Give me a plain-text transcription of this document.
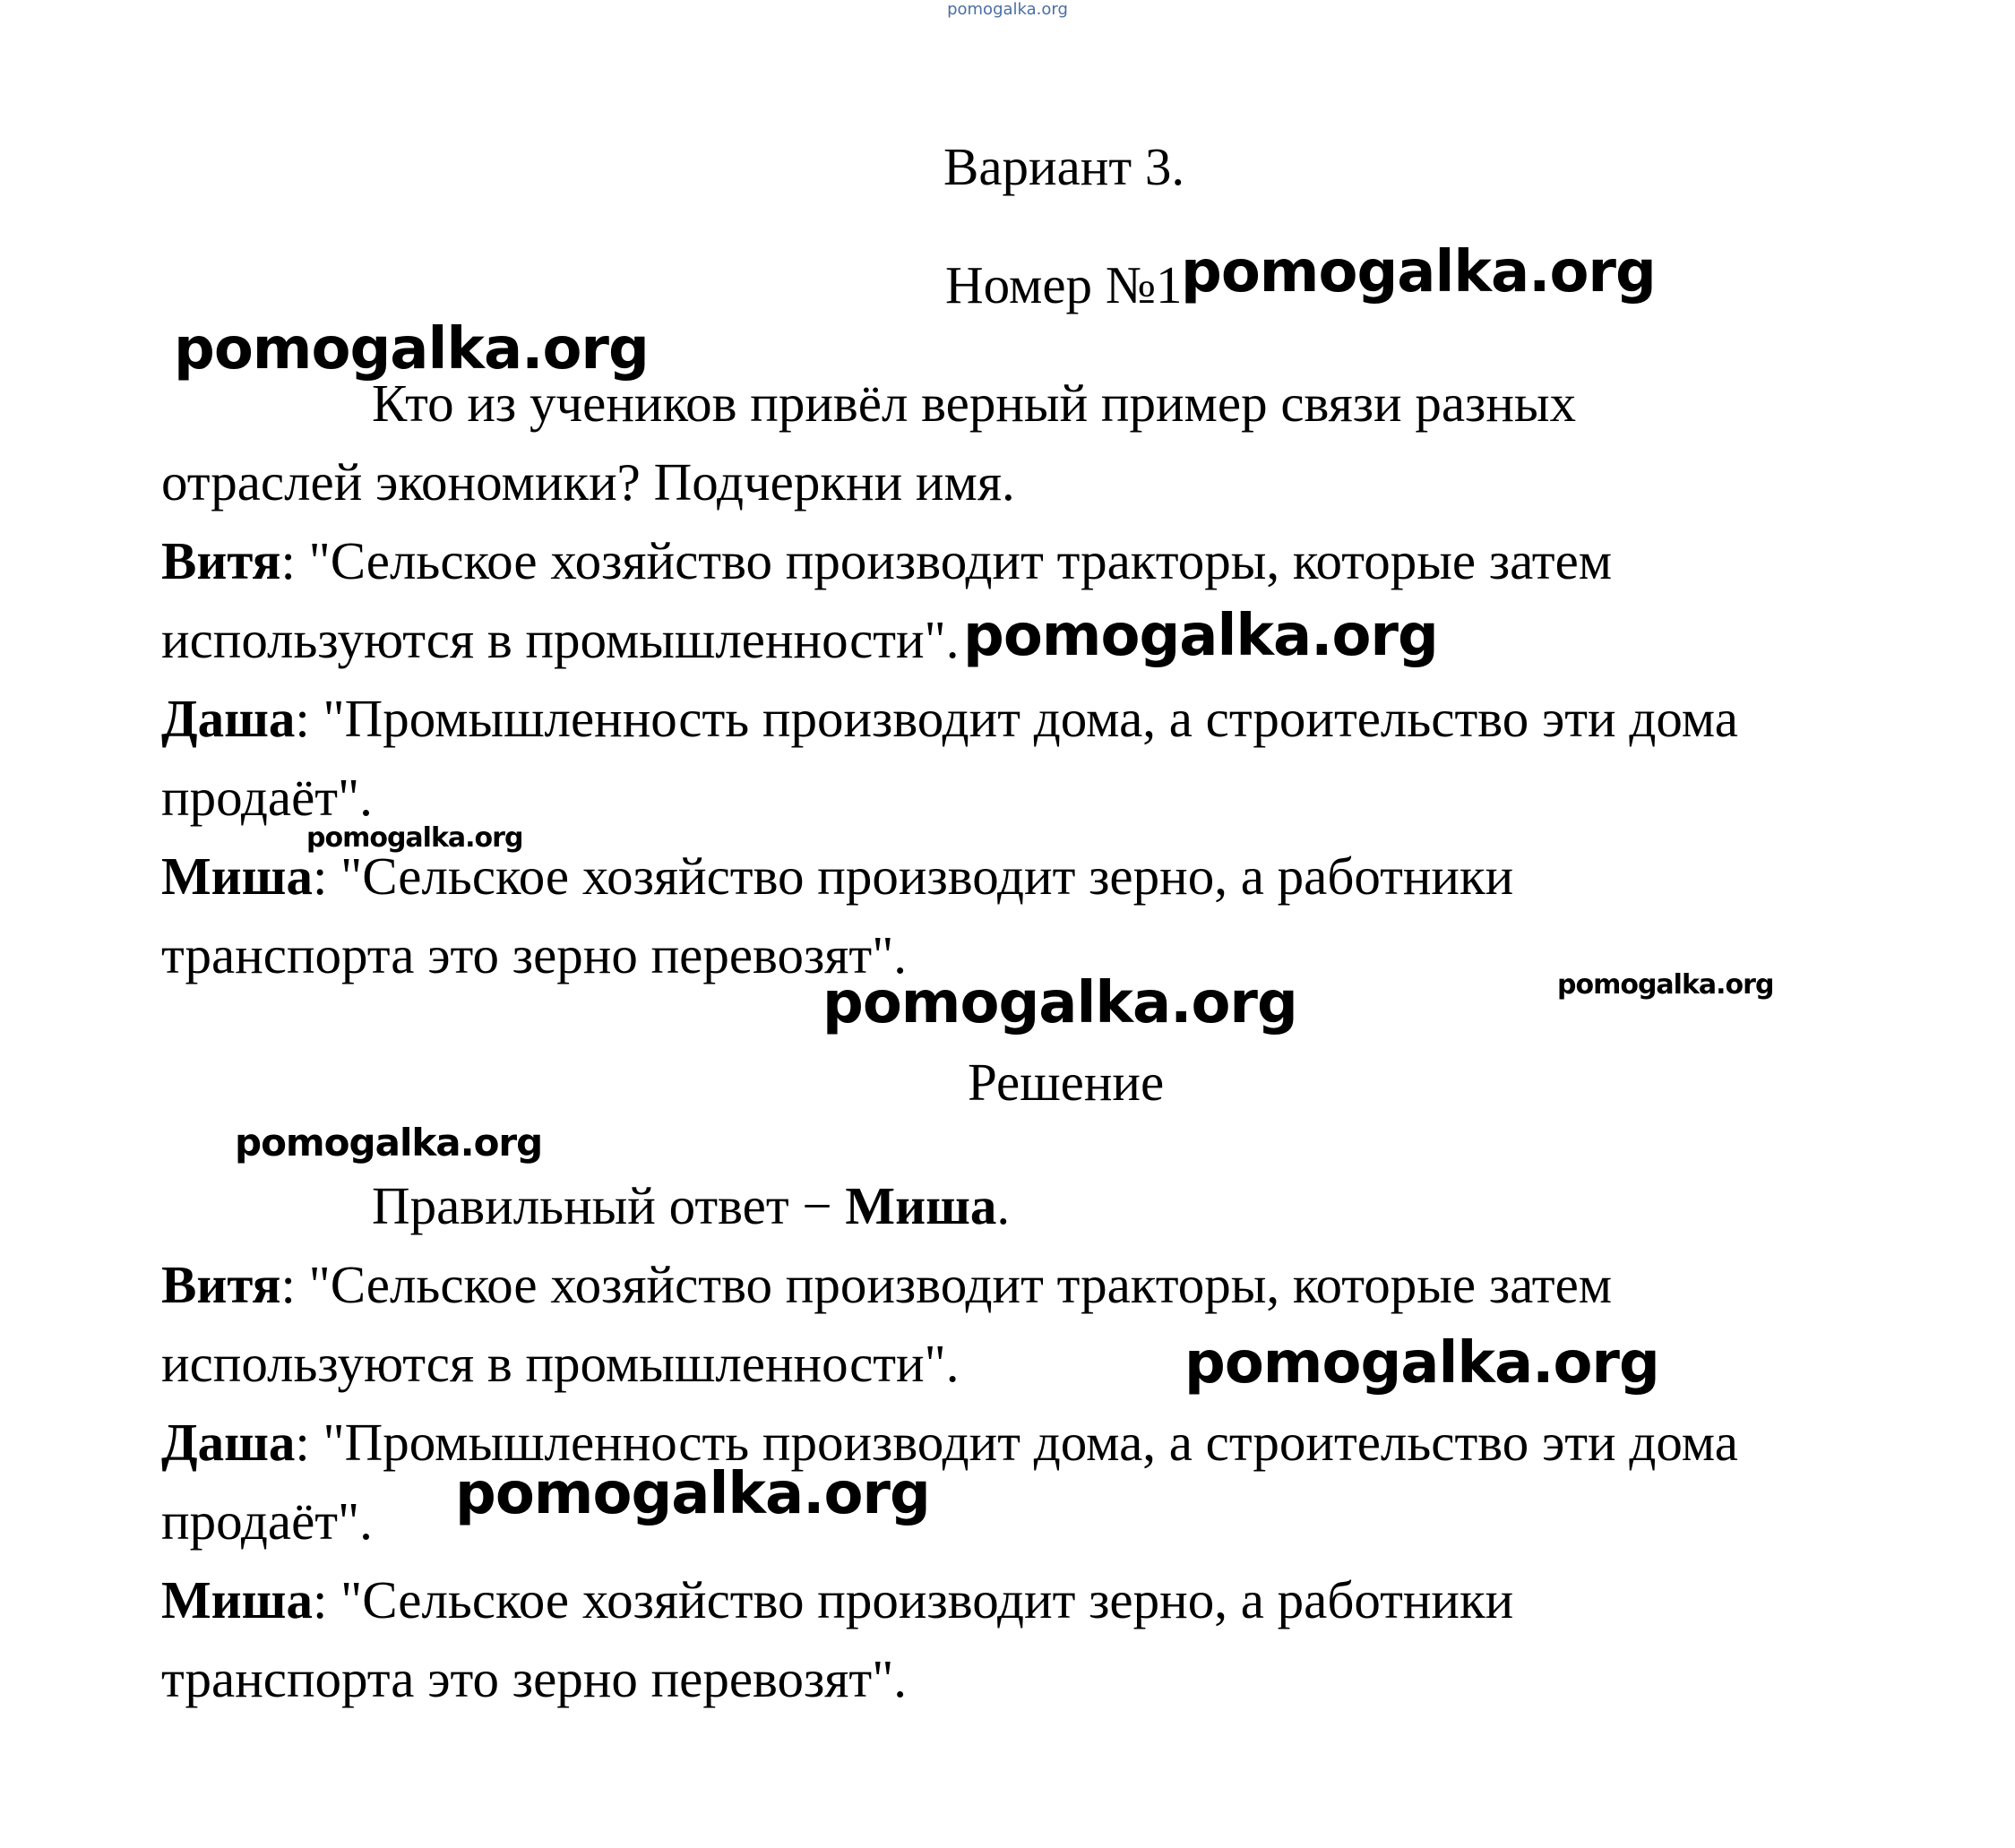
pomogalka.org
Вариант 3.
Номер №1
pomogalka.org
pomogalka.org
Кто из учеников привёл верный пример связи разных
отраслей экономики? Подчеркни имя.
Витя: "Сельское хозяйство производит тракторы, которые затем
используются в промышленности". pomogalka.org
Даша: "Промышленность производит дома, а строительство эти дома
продаёт".
pomogalka.org
Миша: "Сельское хозяйство производит зерно, а работники
транспорта это зерно перевозят".
pomogalka.org	pomogalka.org
Решение
pomogalka.org
Правильный ответ − Миша.
Витя: "Сельское хозяйство производит тракторы, которые затем
используются в промышленности".	pomogalka.org
Даша: "Промышленность производит дома, а строительство эти дома
продаёт". pomogalka.org
Миша: "Сельское хозяйство производит зерно, а работники
транспорта это зерно перевозят".
